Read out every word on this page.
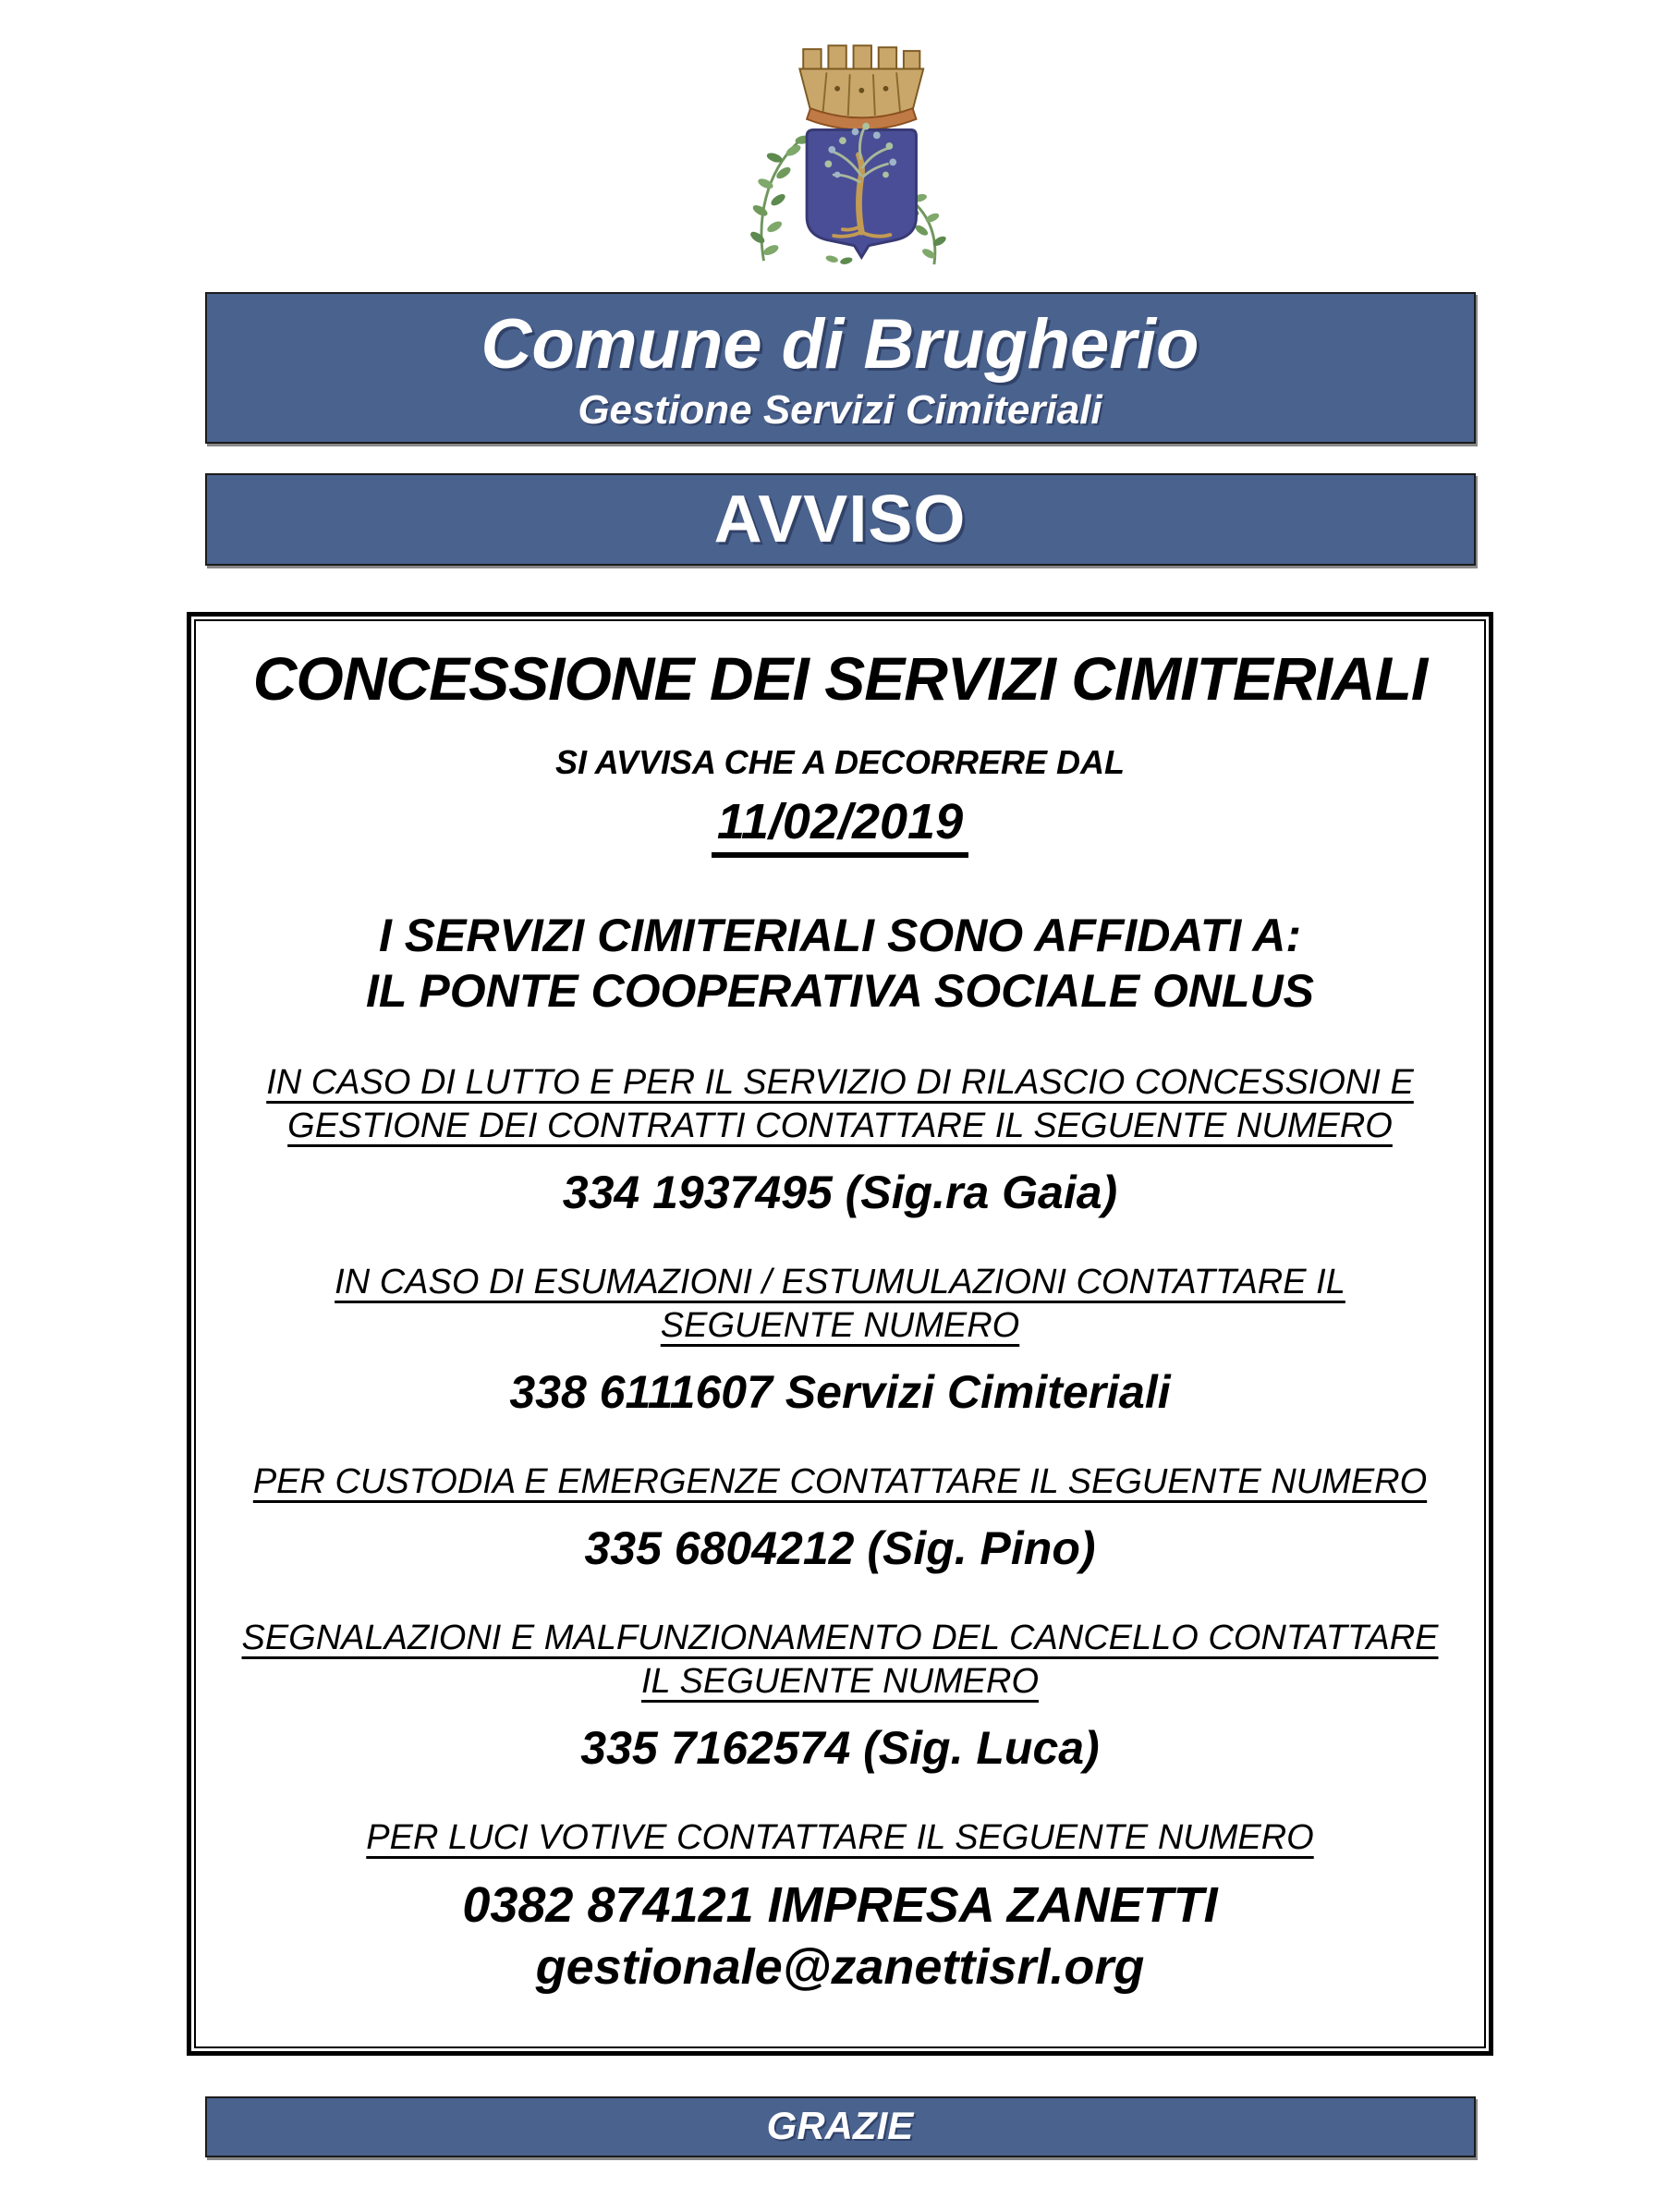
Comune di Brugherio
Gestione Servizi Cimiteriali
AVVISO
CONCESSIONE DEI SERVIZI CIMITERIALI
SI AVVISA CHE A DECORRERE DAL
11/02/2019
I SERVIZI CIMITERIALI SONO AFFIDATI A:
IL PONTE COOPERATIVA SOCIALE ONLUS
IN CASO DI LUTTO E PER IL SERVIZIO DI RILASCIO CONCESSIONI E
GESTIONE DEI CONTRATTI CONTATTARE IL SEGUENTE NUMERO
334 1937495 (Sig.ra Gaia)
IN CASO DI ESUMAZIONI / ESTUMULAZIONI CONTATTARE IL
SEGUENTE NUMERO
338 6111607 Servizi Cimiteriali
PER CUSTODIA E EMERGENZE CONTATTARE IL SEGUENTE NUMERO
335 6804212 (Sig. Pino)
SEGNALAZIONI E MALFUNZIONAMENTO DEL CANCELLO CONTATTARE
IL SEGUENTE NUMERO
335 7162574 (Sig. Luca)
PER LUCI VOTIVE CONTATTARE IL SEGUENTE NUMERO
0382 874121 IMPRESA ZANETTI
gestionale@zanettisrl.org
GRAZIE
